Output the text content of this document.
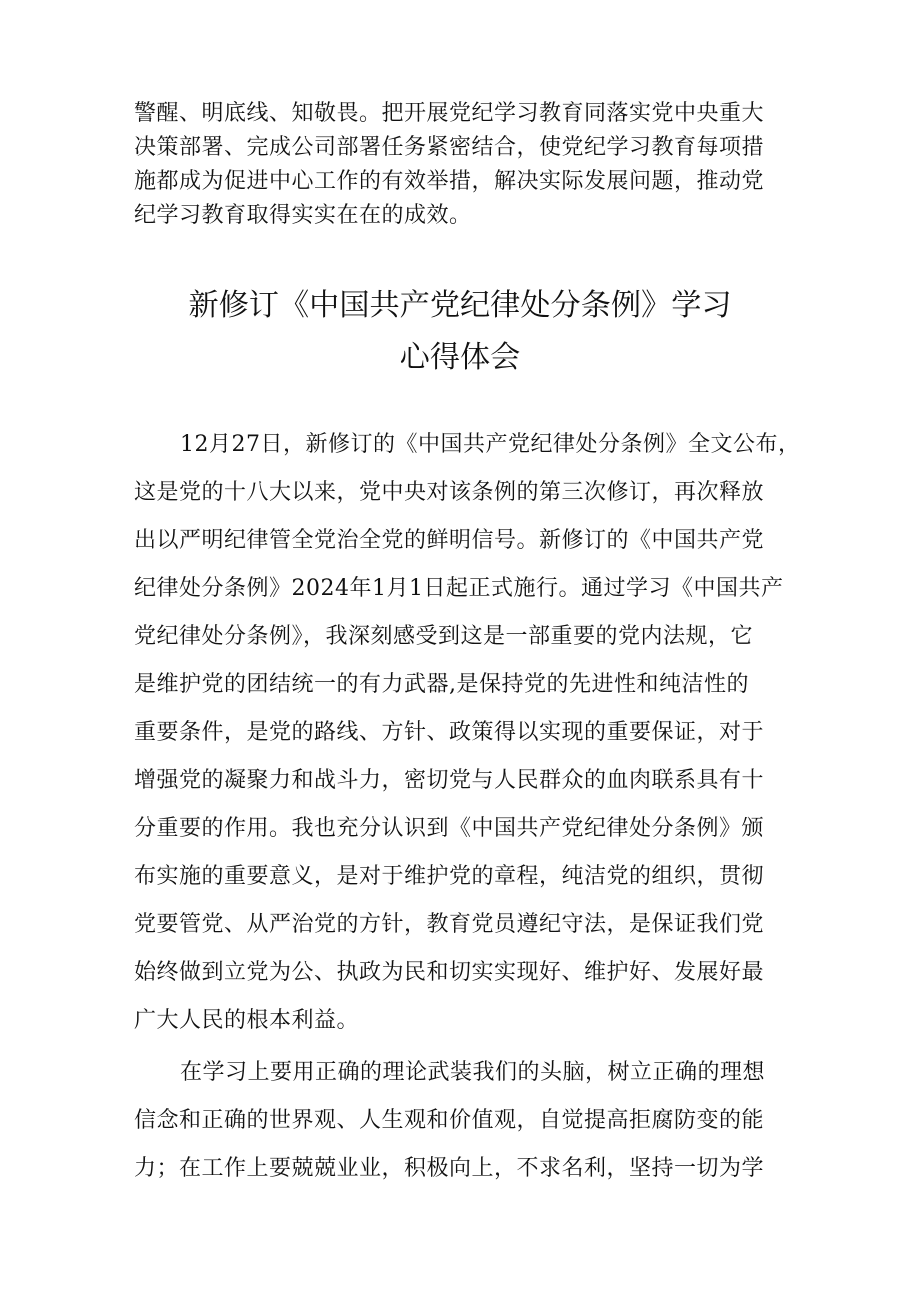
警醒、明底线、知敬畏。把开展党纪学习教育同落实党中央重大
决策部署、完成公司部署任务紧密结合，使党纪学习教育每项措
施都成为促进中心工作的有效举措，解决实际发展问题，推动党
纪学习教育取得实实在在的成效。
新修订《中国共产党纪律处分条例》学习
心得体会
12月27日，新修订的《中国共产党纪律处分条例》全文公布，
这是党的十八大以来，党中央对该条例的第三次修订，再次释放
出以严明纪律管全党治全党的鲜明信号。新修订的《中国共产党
纪律处分条例》2024年1月1日起正式施行。通过学习《中国共产
党纪律处分条例》，我深刻感受到这是一部重要的党内法规，它
是维护党的团结统一的有力武器,是保持党的先进性和纯洁性的
重要条件，是党的路线、方针、政策得以实现的重要保证，对于
增强党的凝聚力和战斗力，密切党与人民群众的血肉联系具有十
分重要的作用。我也充分认识到《中国共产党纪律处分条例》颁
布实施的重要意义，是对于维护党的章程，纯洁党的组织，贯彻
党要管党、从严治党的方针，教育党员遵纪守法，是保证我们党
始终做到立党为公、执政为民和切实实现好、维护好、发展好最
广大人民的根本利益。
在学习上要用正确的理论武装我们的头脑，树立正确的理想
信念和正确的世界观、人生观和价值观，自觉提高拒腐防变的能
力；在工作上要兢兢业业，积极向上，不求名利，坚持一切为学
